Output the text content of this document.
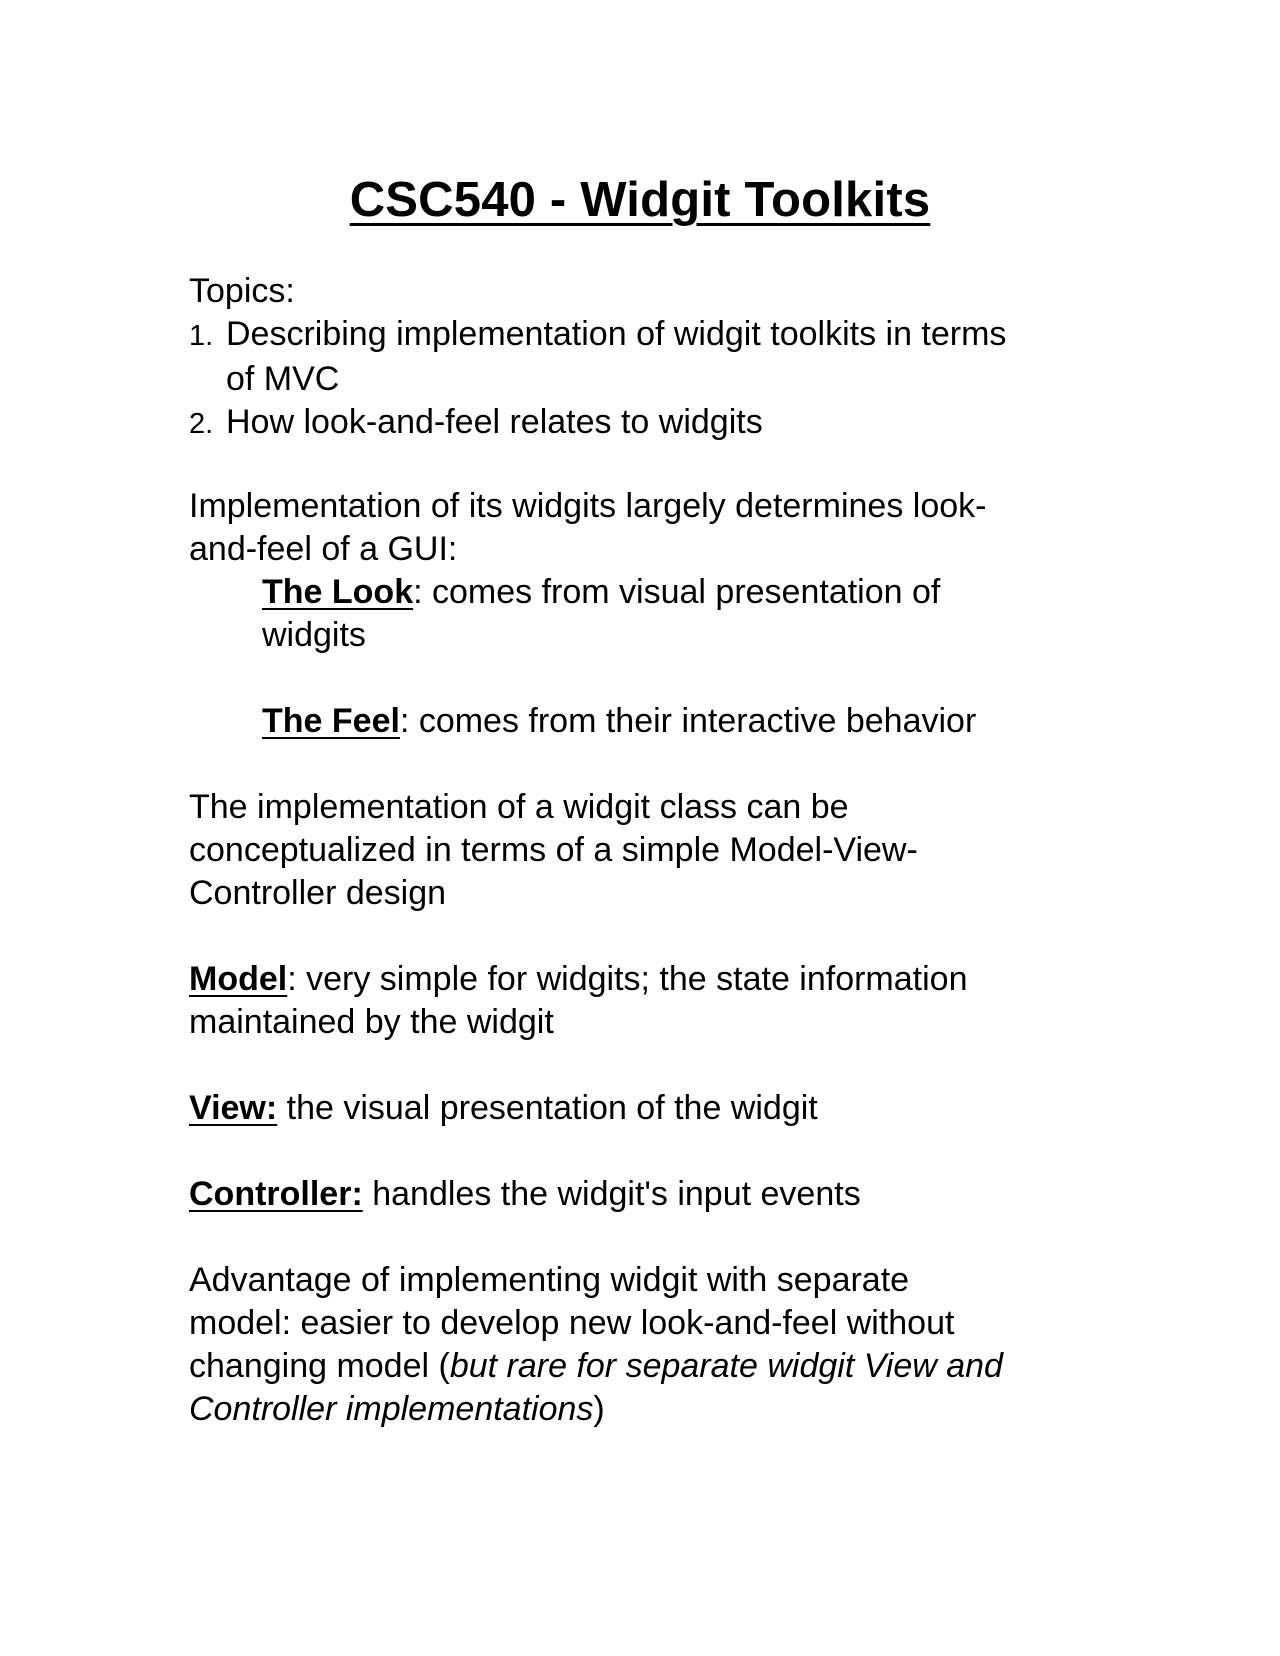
CSC540 - Widgit Toolkits
Topics:
1. Describing implementation of widgit toolkits in terms
of MVC
2. How look-and-feel relates to widgits
Implementation of its widgits largely determines look-
and-feel of a GUI:
The Look: comes from visual presentation of
widgits
The Feel: comes from their interactive behavior
The implementation of a widgit class can be
conceptualized in terms of a simple Model-View-
Controller design
Model: very simple for widgits; the state information
maintained by the widgit
View: the visual presentation of the widgit
Controller: handles the widgit's input events
Advantage of implementing widgit with separate
model: easier to develop new look-and-feel without
changing model (but rare for separate widgit View and
Controller implementations)
